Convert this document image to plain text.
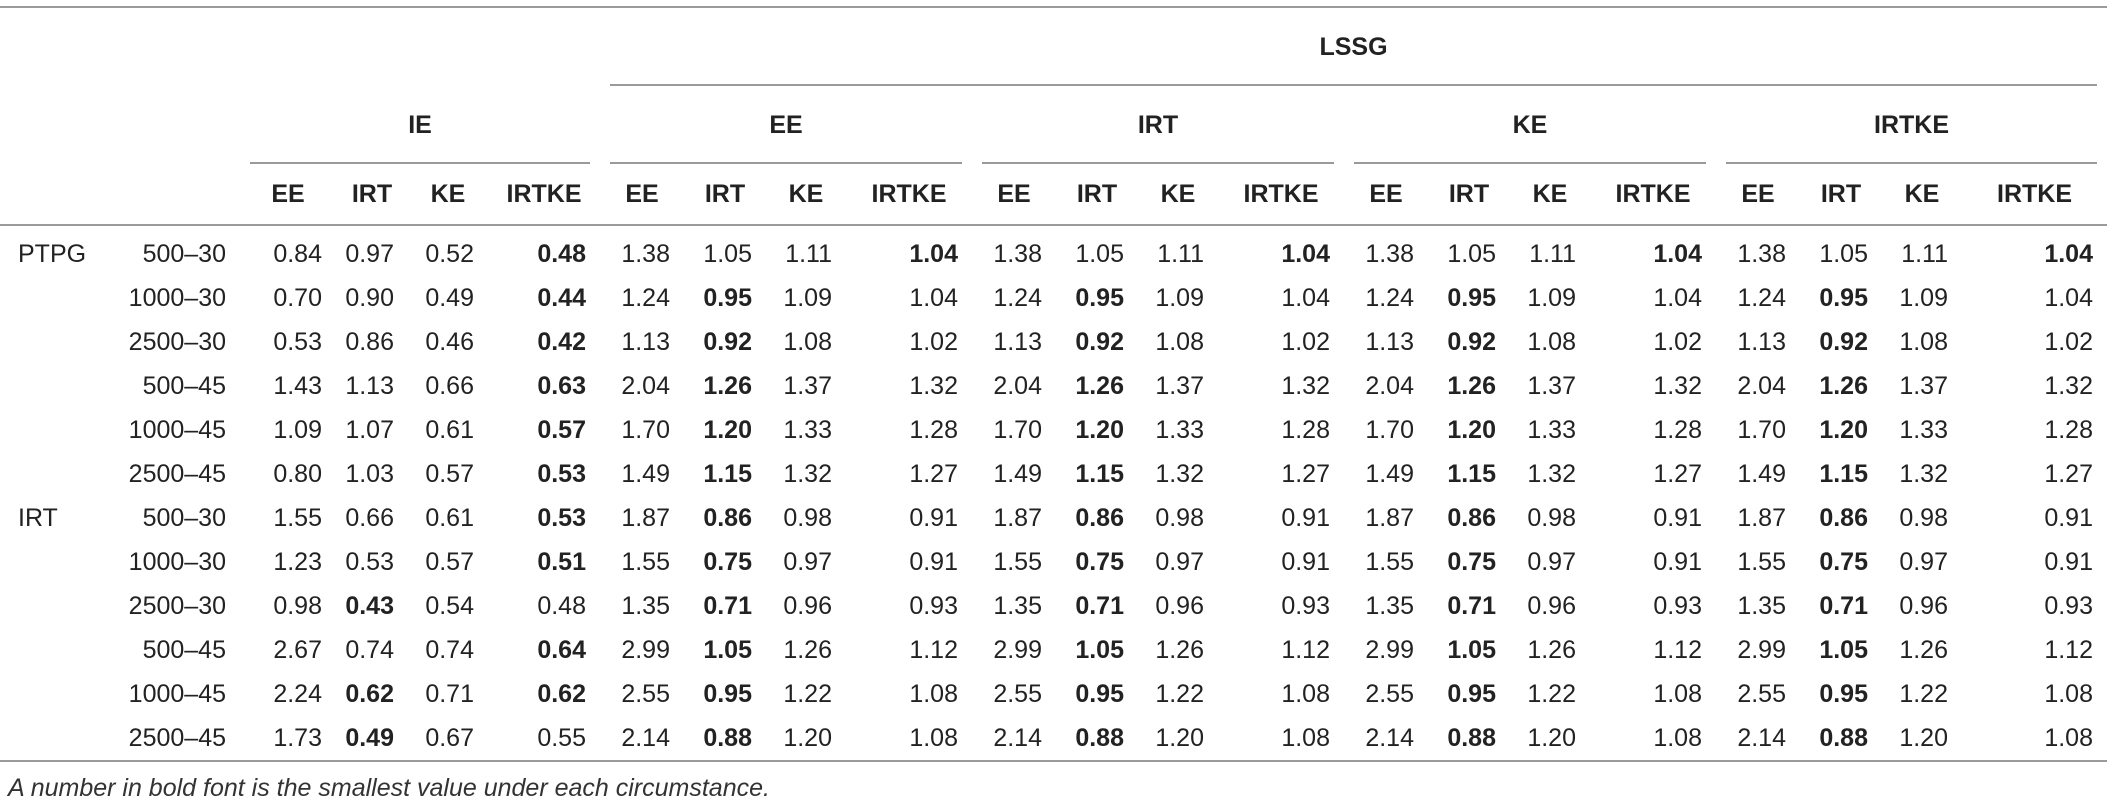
						LSSG															
		IE				EE				IRT				KE				IRTKE			
		EE	IRT	KE	IRTKE	EE	IRT	KE	IRTKE	EE	IRT	KE	IRTKE	EE	IRT	KE	IRTKE	EE	IRT	KE	IRTKE
PTPG	500–30	0.84	0.97	0.52	0.48	1.38	1.05	1.11	1.04	1.38	1.05	1.11	1.04	1.38	1.05	1.11	1.04	1.38	1.05	1.11	1.04
	1000–30	0.70	0.90	0.49	0.44	1.24	0.95	1.09	1.04	1.24	0.95	1.09	1.04	1.24	0.95	1.09	1.04	1.24	0.95	1.09	1.04
	2500–30	0.53	0.86	0.46	0.42	1.13	0.92	1.08	1.02	1.13	0.92	1.08	1.02	1.13	0.92	1.08	1.02	1.13	0.92	1.08	1.02
	500–45	1.43	1.13	0.66	0.63	2.04	1.26	1.37	1.32	2.04	1.26	1.37	1.32	2.04	1.26	1.37	1.32	2.04	1.26	1.37	1.32
	1000–45	1.09	1.07	0.61	0.57	1.70	1.20	1.33	1.28	1.70	1.20	1.33	1.28	1.70	1.20	1.33	1.28	1.70	1.20	1.33	1.28
	2500–45	0.80	1.03	0.57	0.53	1.49	1.15	1.32	1.27	1.49	1.15	1.32	1.27	1.49	1.15	1.32	1.27	1.49	1.15	1.32	1.27
IRT	500–30	1.55	0.66	0.61	0.53	1.87	0.86	0.98	0.91	1.87	0.86	0.98	0.91	1.87	0.86	0.98	0.91	1.87	0.86	0.98	0.91
	1000–30	1.23	0.53	0.57	0.51	1.55	0.75	0.97	0.91	1.55	0.75	0.97	0.91	1.55	0.75	0.97	0.91	1.55	0.75	0.97	0.91
	2500–30	0.98	0.43	0.54	0.48	1.35	0.71	0.96	0.93	1.35	0.71	0.96	0.93	1.35	0.71	0.96	0.93	1.35	0.71	0.96	0.93
	500–45	2.67	0.74	0.74	0.64	2.99	1.05	1.26	1.12	2.99	1.05	1.26	1.12	2.99	1.05	1.26	1.12	2.99	1.05	1.26	1.12
	1000–45	2.24	0.62	0.71	0.62	2.55	0.95	1.22	1.08	2.55	0.95	1.22	1.08	2.55	0.95	1.22	1.08	2.55	0.95	1.22	1.08
	2500–45	1.73	0.49	0.67	0.55	2.14	0.88	1.20	1.08	2.14	0.88	1.20	1.08	2.14	0.88	1.20	1.08	2.14	0.88	1.20	1.08
A number in bold font is the smallest value under each circumstance.
